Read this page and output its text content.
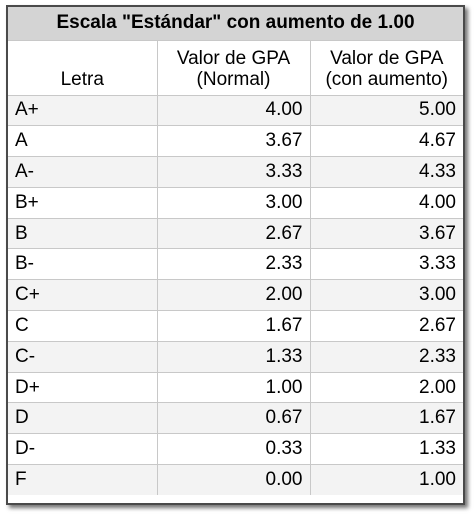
Escala "Estándar" con aumento de 1.00		
Letra	Valor de GPA (Normal)	Valor de GPA (con aumento)
A+	4.00	5.00
A	3.67	4.67
A-	3.33	4.33
B+	3.00	4.00
B	2.67	3.67
B-	2.33	3.33
C+	2.00	3.00
C	1.67	2.67
C-	1.33	2.33
D+	1.00	2.00
D	0.67	1.67
D-	0.33	1.33
F	0.00	1.00
